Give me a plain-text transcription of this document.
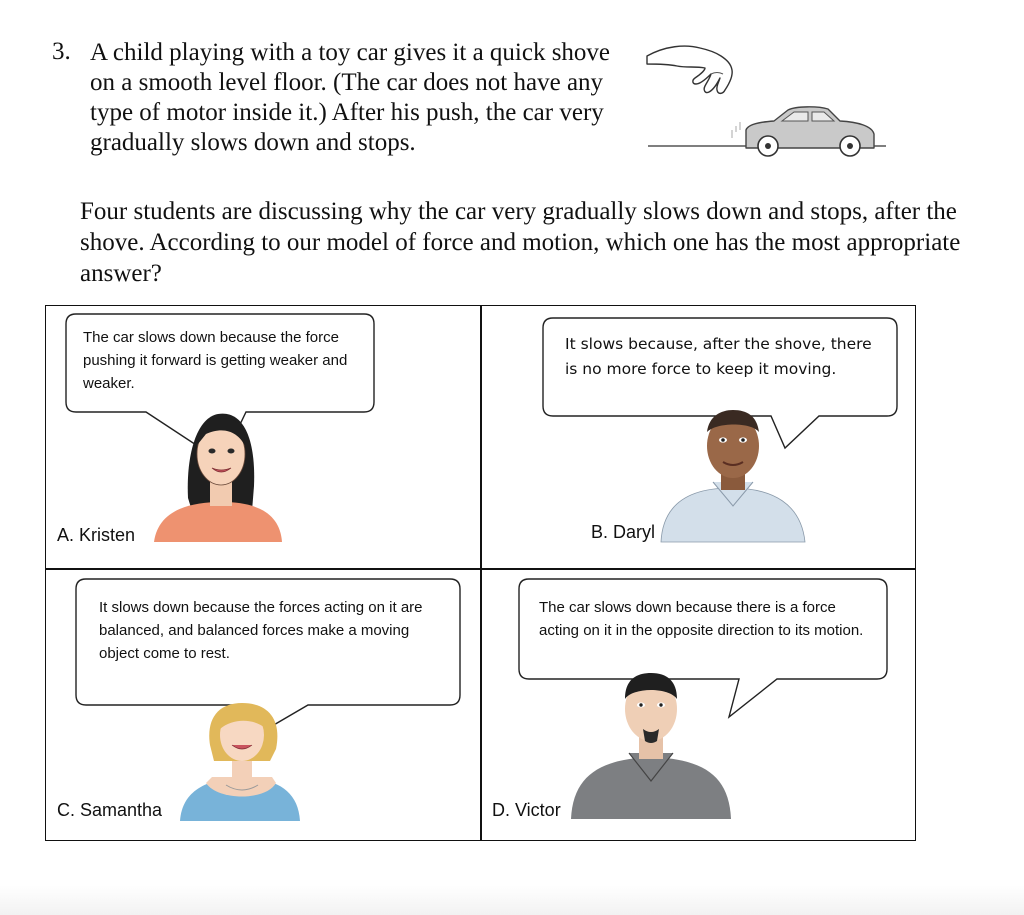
3. A child playing with a toy car gives it a quick shove on a smooth level floor. (The car does not have any type of motor inside it.) After his push, the car very gradually slows down and stops.
Four students are discussing why the car very gradually slows down and stops, after the shove. According to our model of force and motion, which one has the most appropriate answer?
The car slows down because the force pushing it forward is getting weaker and weaker.
A. Kristen
It slows because, after the shove, there is no more force to keep it moving.
B. Daryl
It slows down because the forces acting on it are balanced, and balanced forces make a moving object come to rest.
C. Samantha
The car slows down because there is a force acting on it in the opposite direction to its motion.
D. Victor
